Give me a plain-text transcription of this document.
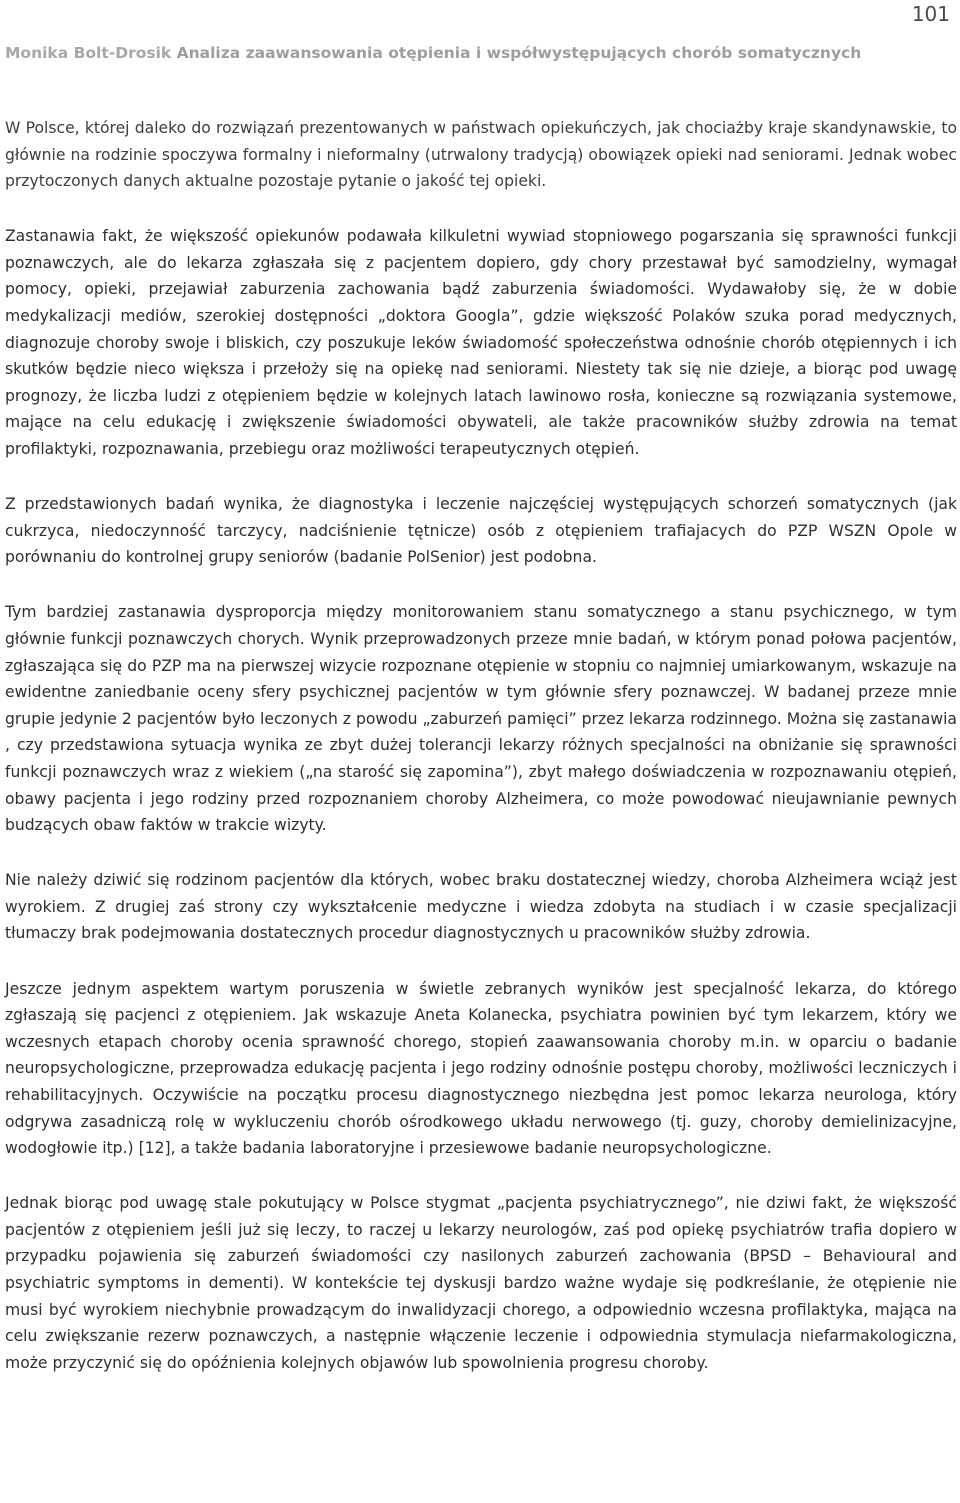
101
Monika Bolt-Drosik Analiza zaawansowania otępienia i współwystępujących chorób somatycznych

W Polsce, której daleko do rozwiązań prezentowanych w państwach opiekuńczych, jak chociażby kraje skandynawskie, to głównie na rodzinie spoczywa formalny i nieformalny (utrwalony tradycją) obowiązek opieki nad seniorami. Jednak wobec przytoczonych danych aktualne pozostaje pytanie o jakość tej opieki.

Zastanawia fakt, że większość opiekunów podawała kilkuletni wywiad stopniowego pogarszania się sprawności funkcji poznawczych, ale do lekarza zgłaszała się z pacjentem dopiero, gdy chory przestawał być samodzielny, wymagał pomocy, opieki, przejawiał zaburzenia zachowania bądź zaburzenia świadomości. Wydawałoby się, że w dobie medykalizacji mediów, szerokiej dostępności „doktora Googla”, gdzie większość Polaków szuka porad medycznych, diagnozuje choroby swoje i bliskich, czy poszukuje leków świadomość społeczeństwa odnośnie chorób otępiennych i ich skutków będzie nieco większa i przełoży się na opiekę nad seniorami. Niestety tak się nie dzieje, a biorąc pod uwagę prognozy, że liczba ludzi z otępieniem będzie w kolejnych latach lawinowo rosła, konieczne są rozwiązania systemowe, mające na celu edukację i zwiększenie świadomości obywateli, ale także pracowników służby zdrowia na temat profilaktyki, rozpoznawania, przebiegu oraz możliwości terapeutycznych otępień.

Z przedstawionych badań wynika, że diagnostyka i leczenie najczęściej występujących schorzeń somatycznych (jak cukrzyca, niedoczynność tarczycy, nadciśnienie tętnicze) osób z otępieniem trafiajacych do PZP WSZN Opole w porównaniu do kontrolnej grupy seniorów (badanie PolSenior) jest podobna.

Tym bardziej zastanawia dysproporcja między monitorowaniem stanu somatycznego a stanu psychicznego, w tym głównie funkcji poznawczych chorych. Wynik przeprowadzonych przeze mnie badań, w którym ponad połowa pacjentów, zgłaszająca się do PZP ma na pierwszej wizycie rozpoznane otępienie w stopniu co najmniej umiarkowanym, wskazuje na ewidentne zaniedbanie oceny sfery psychicznej pacjentów w tym głównie sfery poznawczej. W badanej przeze mnie grupie jedynie 2 pacjentów było leczonych z powodu „zaburzeń pamięci” przez lekarza rodzinnego. Można się zastanawia , czy przedstawiona sytuacja wynika ze zbyt dużej tolerancji lekarzy różnych specjalności na obniżanie się sprawności funkcji poznawczych wraz z wiekiem („na starość się zapomina”), zbyt małego doświadczenia w rozpoznawaniu otępień, obawy pacjenta i jego rodziny przed rozpoznaniem choroby Alzheimera, co może powodować nieujawnianie pewnych budzących obaw faktów w trakcie wizyty.

Nie należy dziwić się rodzinom pacjentów dla których, wobec braku dostatecznej wiedzy, choroba Alzheimera wciąż jest wyrokiem. Z drugiej zaś strony czy wykształcenie medyczne i wiedza zdobyta na studiach i w czasie specjalizacji tłumaczy brak podejmowania dostatecznych procedur diagnostycznych u pracowników służby zdrowia.

Jeszcze jednym aspektem wartym poruszenia w świetle zebranych wyników jest specjalność lekarza, do którego zgłaszają się pacjenci z otępieniem. Jak wskazuje Aneta Kolanecka, psychiatra powinien być tym lekarzem, który we wczesnych etapach choroby ocenia sprawność chorego, stopień zaawansowania choroby m.in. w oparciu o badanie neuropsychologiczne, przeprowadza edukację pacjenta i jego rodziny odnośnie postępu choroby, możliwości leczniczych i rehabilitacyjnych. Oczywiście na początku procesu diagnostycznego niezbędna jest pomoc lekarza neurologa, który odgrywa zasadniczą rolę w wykluczeniu chorób ośrodkowego układu nerwowego (tj. guzy, choroby demielinizacyjne, wodogłowie itp.) [12], a także badania laboratoryjne i przesiewowe badanie neuropsychologiczne.

Jednak biorąc pod uwagę stale pokutujący w Polsce stygmat „pacjenta psychiatrycznego”, nie dziwi fakt, że większość pacjentów z otępieniem jeśli już się leczy, to raczej u lekarzy neurologów, zaś pod opiekę psychiatrów trafia dopiero w przypadku pojawienia się zaburzeń świadomości czy nasilonych zaburzeń zachowania (BPSD – Behavioural and psychiatric symptoms in dementi). W kontekście tej dyskusji bardzo ważne wydaje się podkreślanie, że otępienie nie musi być wyrokiem niechybnie prowadzącym do inwalidyzacji chorego, a odpowiednio wczesna profilaktyka, mająca na celu zwiększanie rezerw poznawczych, a następnie włączenie leczenie i odpowiednia stymulacja niefarmakologiczna, może przyczynić się do opóźnienia kolejnych objawów lub spowolnienia progresu choroby.
